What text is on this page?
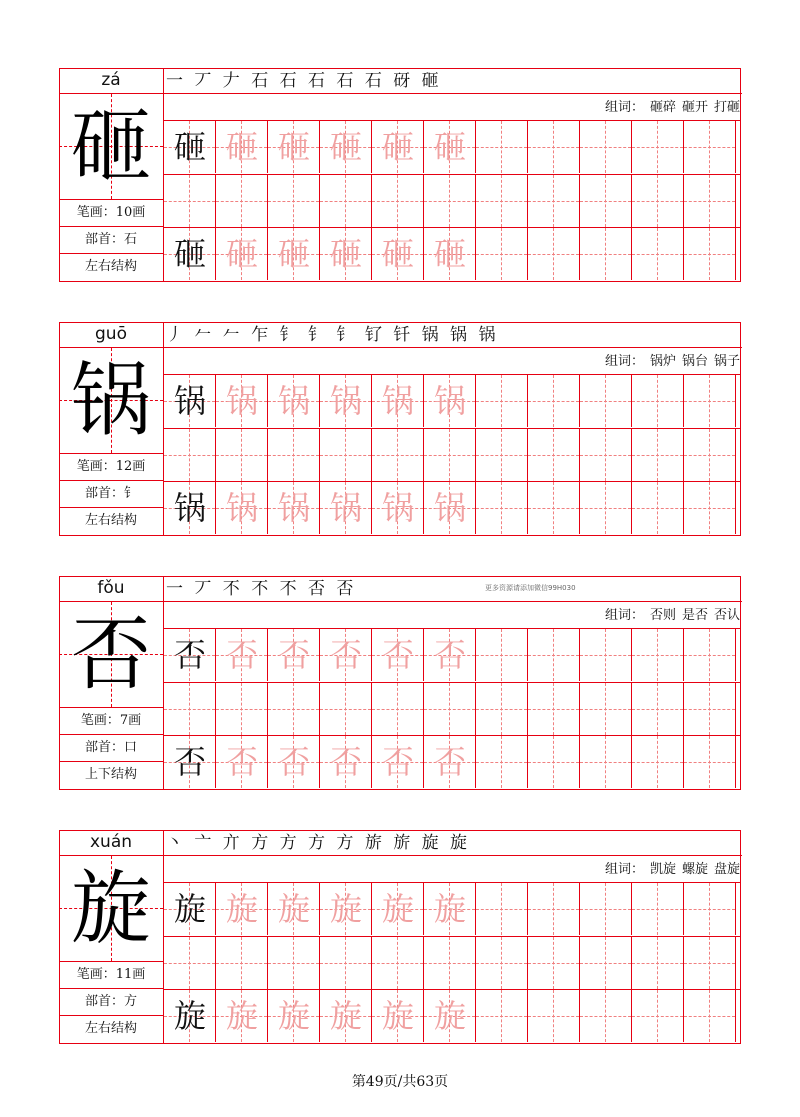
zá
砸
笔画：10画
部首：石
左右结构
一 丆 𠂇 石 石 石 石 石 砑 砸
组词： 砸碎 砸开 打砸
砸 砸 砸 砸 砸 砸
砸 砸 砸 砸 砸 砸
guō
锅
笔画：12画
部首：钅
左右结构
丿 𠂉 𠂉 乍 钅 钅 钅 钌 钎 锅 锅 锅
组词： 锅炉 锅台 锅子
锅 锅 锅 锅 锅 锅
锅 锅 锅 锅 锅 锅
fǒu
否
笔画：7画
部首：口
上下结构
一 丆 不 不 不 否 否
组词： 否则 是否 否认
否 否 否 否 否 否
否 否 否 否 否 否
xuán
旋
笔画：11画
部首：方
左右结构
丶 亠 亣 方 方 方 方 旂 旂 旋 旋
组词： 凯旋 螺旋 盘旋
旋 旋 旋 旋 旋 旋
旋 旋 旋 旋 旋 旋
更多资源请添加微信99H030
第49页/共63页
